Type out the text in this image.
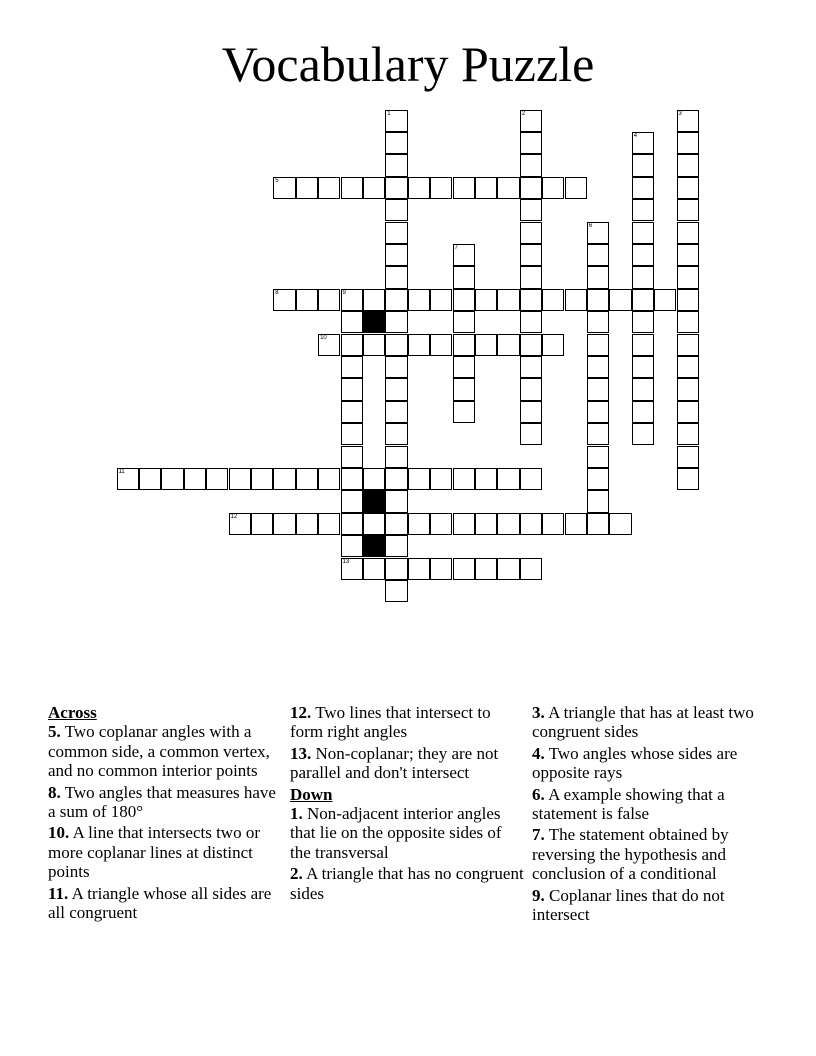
Vocabulary Puzzle
1	2	3
4
5
6
7
8	9
13
10
11
12
Across
5. Two coplanar angles with a common side, a common vertex, and no common interior points
8. Two angles that measures have a sum of 180°
10. A line that intersects two or more coplanar lines at distinct points
11. A triangle whose all sides are all congruent
12. Two lines that intersect to form right angles
13. Non-coplanar; they are not parallel and don't intersect
Down
1. Non-adjacent interior angles that lie on the opposite sides of the transversal
2. A triangle that has no congruent sides
3. A triangle that has at least two congruent sides
4. Two angles whose sides are opposite rays
6. A example showing that a statement is false
7. The statement obtained by reversing the hypothesis and conclusion of a conditional
9. Coplanar lines that do not intersect
